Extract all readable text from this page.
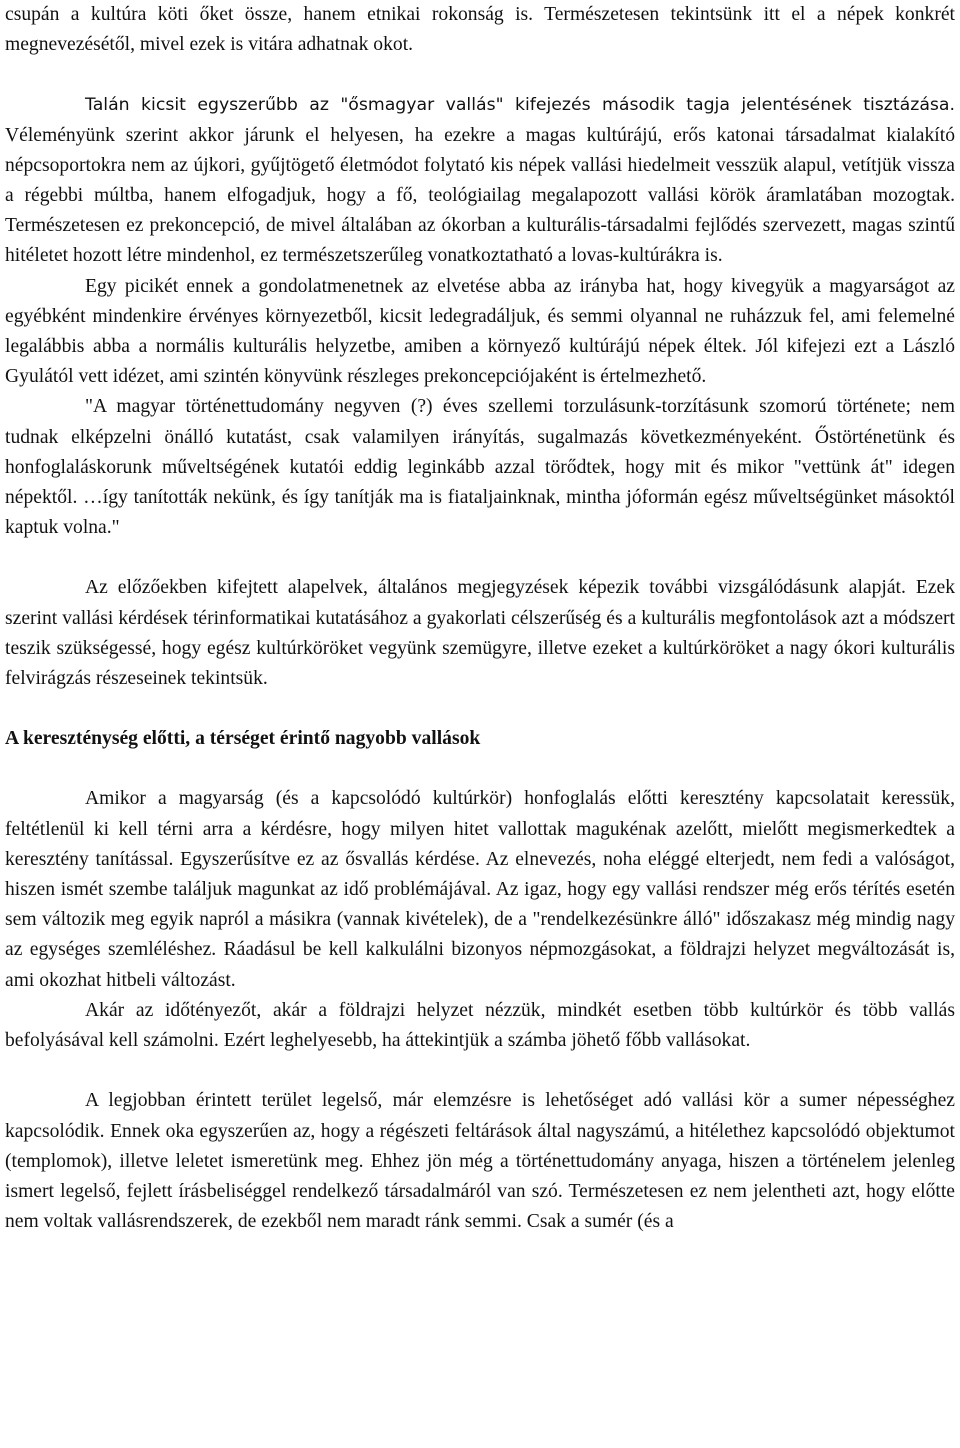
csupán a kultúra köti őket össze, hanem etnikai rokonság is. Természetesen tekintsünk itt el a népek konkrét megnevezésétől, mivel ezek is vitára adhatnak okot.

Talán kicsit egyszerűbb az "ősmagyar vallás" kifejezés második tagja jelentésének tisztázása. Véleményünk szerint akkor járunk el helyesen, ha ezekre a magas kultúrájú, erős katonai társadalmat kialakító népcsoportokra nem az újkori, gyűjtögető életmódot folytató kis népek vallási hiedelmeit vesszük alapul, vetítjük vissza a régebbi múltba, hanem elfogadjuk, hogy a fő, teológiailag megalapozott vallási körök áramlatában mozogtak. Természetesen ez prekoncepció, de mivel általában az ókorban a kulturális-társadalmi fejlődés szervezett, magas szintű hitéletet hozott létre mindenhol, ez természetszerűleg vonatkoztatható a lovas-kultúrákra is.

Egy picikét ennek a gondolatmenetnek az elvetése abba az irányba hat, hogy kivegyük a magyarságot az egyébként mindenkire érvényes környezetből, kicsit ledegradáljuk, és semmi olyannal ne ruházzuk fel, ami felemelné legalábbis abba a normális kulturális helyzetbe, amiben a környező kultúrájú népek éltek. Jól kifejezi ezt a László Gyulától vett idézet, ami szintén könyvünk részleges prekoncepciójaként is értelmezhető.

"A magyar történettudomány negyven (?) éves szellemi torzulásunk-torzításunk szomorú története; nem tudnak elképzelni önálló kutatást, csak valamilyen irányítás, sugalmazás következményeként. Őstörténetünk és honfoglaláskorunk műveltségének kutatói eddig leginkább azzal törődtek, hogy mit és mikor "vettünk át" idegen népektől. …így tanították nekünk, és így tanítják ma is fiataljainknak, mintha jóformán egész műveltségünket másoktól kaptuk volna."

Az előzőekben kifejtett alapelvek, általános megjegyzések képezik további vizsgálódásunk alapját. Ezek szerint vallási kérdések térinformatikai kutatásához a gyakorlati célszerűség és a kulturális megfontolások azt a módszert teszik szükségessé, hogy egész kultúrköröket vegyünk szemügyre, illetve ezeket a kultúrköröket a nagy ókori kulturális felvirágzás részeseinek tekintsük.

A kereszténység előtti, a térséget érintő nagyobb vallások

Amikor a magyarság (és a kapcsolódó kultúrkör) honfoglalás előtti keresztény kapcsolatait keressük, feltétlenül ki kell térni arra a kérdésre, hogy milyen hitet vallottak magukénak azelőtt, mielőtt megismerkedtek a keresztény tanítással. Egyszerűsítve ez az ősvallás kérdése. Az elnevezés, noha eléggé elterjedt, nem fedi a valóságot, hiszen ismét szembe találjuk magunkat az idő problémájával. Az igaz, hogy egy vallási rendszer még erős térítés esetén sem változik meg egyik napról a másikra (vannak kivételek), de a "rendelkezésünkre álló" időszakasz még mindig nagy az egységes szemléléshez. Ráadásul be kell kalkulálni bizonyos népmozgásokat, a földrajzi helyzet megváltozását is, ami okozhat hitbeli változást.

Akár az időtényezőt, akár a földrajzi helyzet nézzük, mindkét esetben több kultúrkör és több vallás befolyásával kell számolni. Ezért leghelyesebb, ha áttekintjük a számba jöhető főbb vallásokat.

A legjobban érintett terület legelső, már elemzésre is lehetőséget adó vallási kör a sumer népességhez kapcsolódik. Ennek oka egyszerűen az, hogy a régészeti feltárások által nagyszámú, a hitélethez kapcsolódó objektumot (templomok), illetve leletet ismeretünk meg. Ehhez jön még a történettudomány anyaga, hiszen a történelem jelenleg ismert legelső, fejlett írásbeliséggel rendelkező társadalmáról van szó. Természetesen ez nem jelentheti azt, hogy előtte nem voltak vallásrendszerek, de ezekből nem maradt ránk semmi. Csak a sumér (és a
